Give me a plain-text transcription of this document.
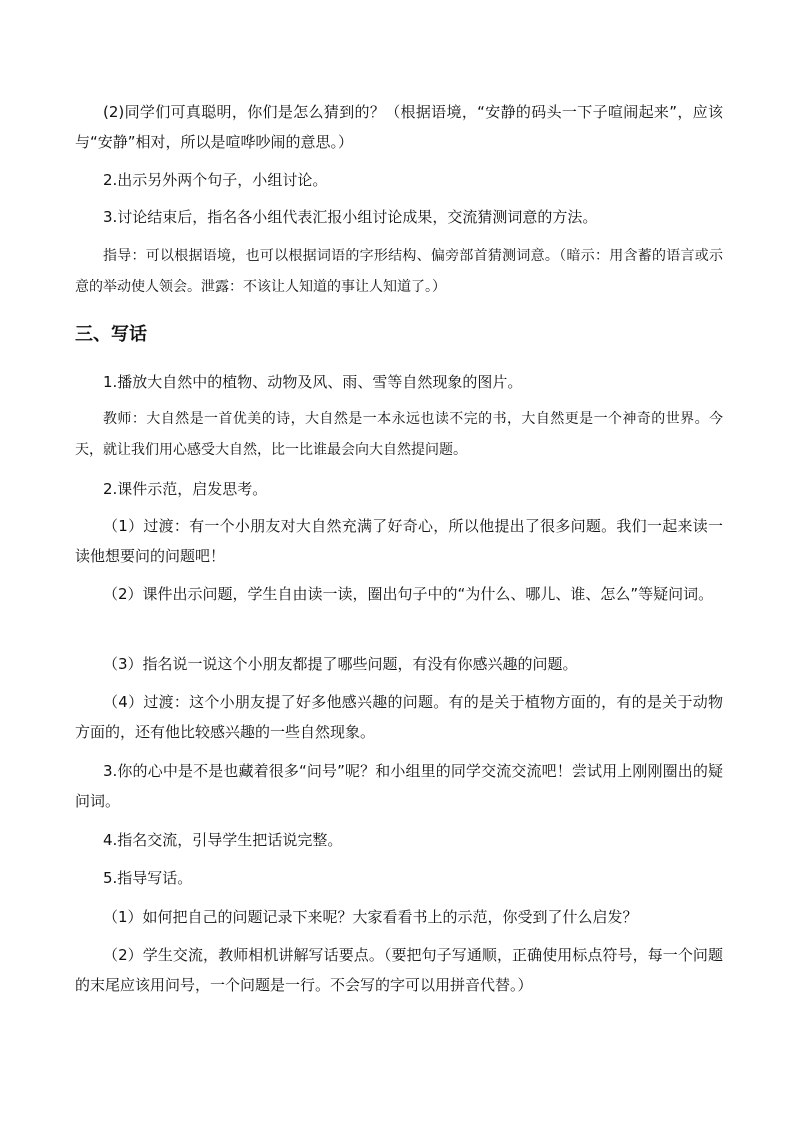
(2)同学们可真聪明，你们是怎么猜到的？（根据语境，“安静的码头一下子喧闹起来”，应该与“安静”相对，所以是喧哗吵闹的意思。）

2.出示另外两个句子，小组讨论。

3.讨论结束后，指名各小组代表汇报小组讨论成果，交流猜测词意的方法。

指导：可以根据语境，也可以根据词语的字形结构、偏旁部首猜测词意。（暗示：用含蓄的语言或示意的举动使人领会。泄露：不该让人知道的事让人知道了。）

三、写话

1.播放大自然中的植物、动物及风、雨、雪等自然现象的图片。

教师：大自然是一首优美的诗，大自然是一本永远也读不完的书，大自然更是一个神奇的世界。今天，就让我们用心感受大自然，比一比谁最会向大自然提问题。

2.课件示范，启发思考。

（1）过渡：有一个小朋友对大自然充满了好奇心，所以他提出了很多问题。我们一起来读一读他想要问的问题吧！

（2）课件出示问题，学生自由读一读，圈出句子中的“为什么、哪儿、谁、怎么”等疑问词。

（3）指名说一说这个小朋友都提了哪些问题，有没有你感兴趣的问题。

（4）过渡：这个小朋友提了好多他感兴趣的问题。有的是关于植物方面的，有的是关于动物方面的，还有他比较感兴趣的一些自然现象。

3.你的心中是不是也藏着很多“问号”呢？和小组里的同学交流交流吧！尝试用上刚刚圈出的疑问词。

4.指名交流，引导学生把话说完整。

5.指导写话。

（1）如何把自己的问题记录下来呢？大家看看书上的示范，你受到了什么启发？

（2）学生交流，教师相机讲解写话要点。（要把句子写通顺，正确使用标点符号，每一个问题的末尾应该用问号，一个问题是一行。不会写的字可以用拼音代替。）
